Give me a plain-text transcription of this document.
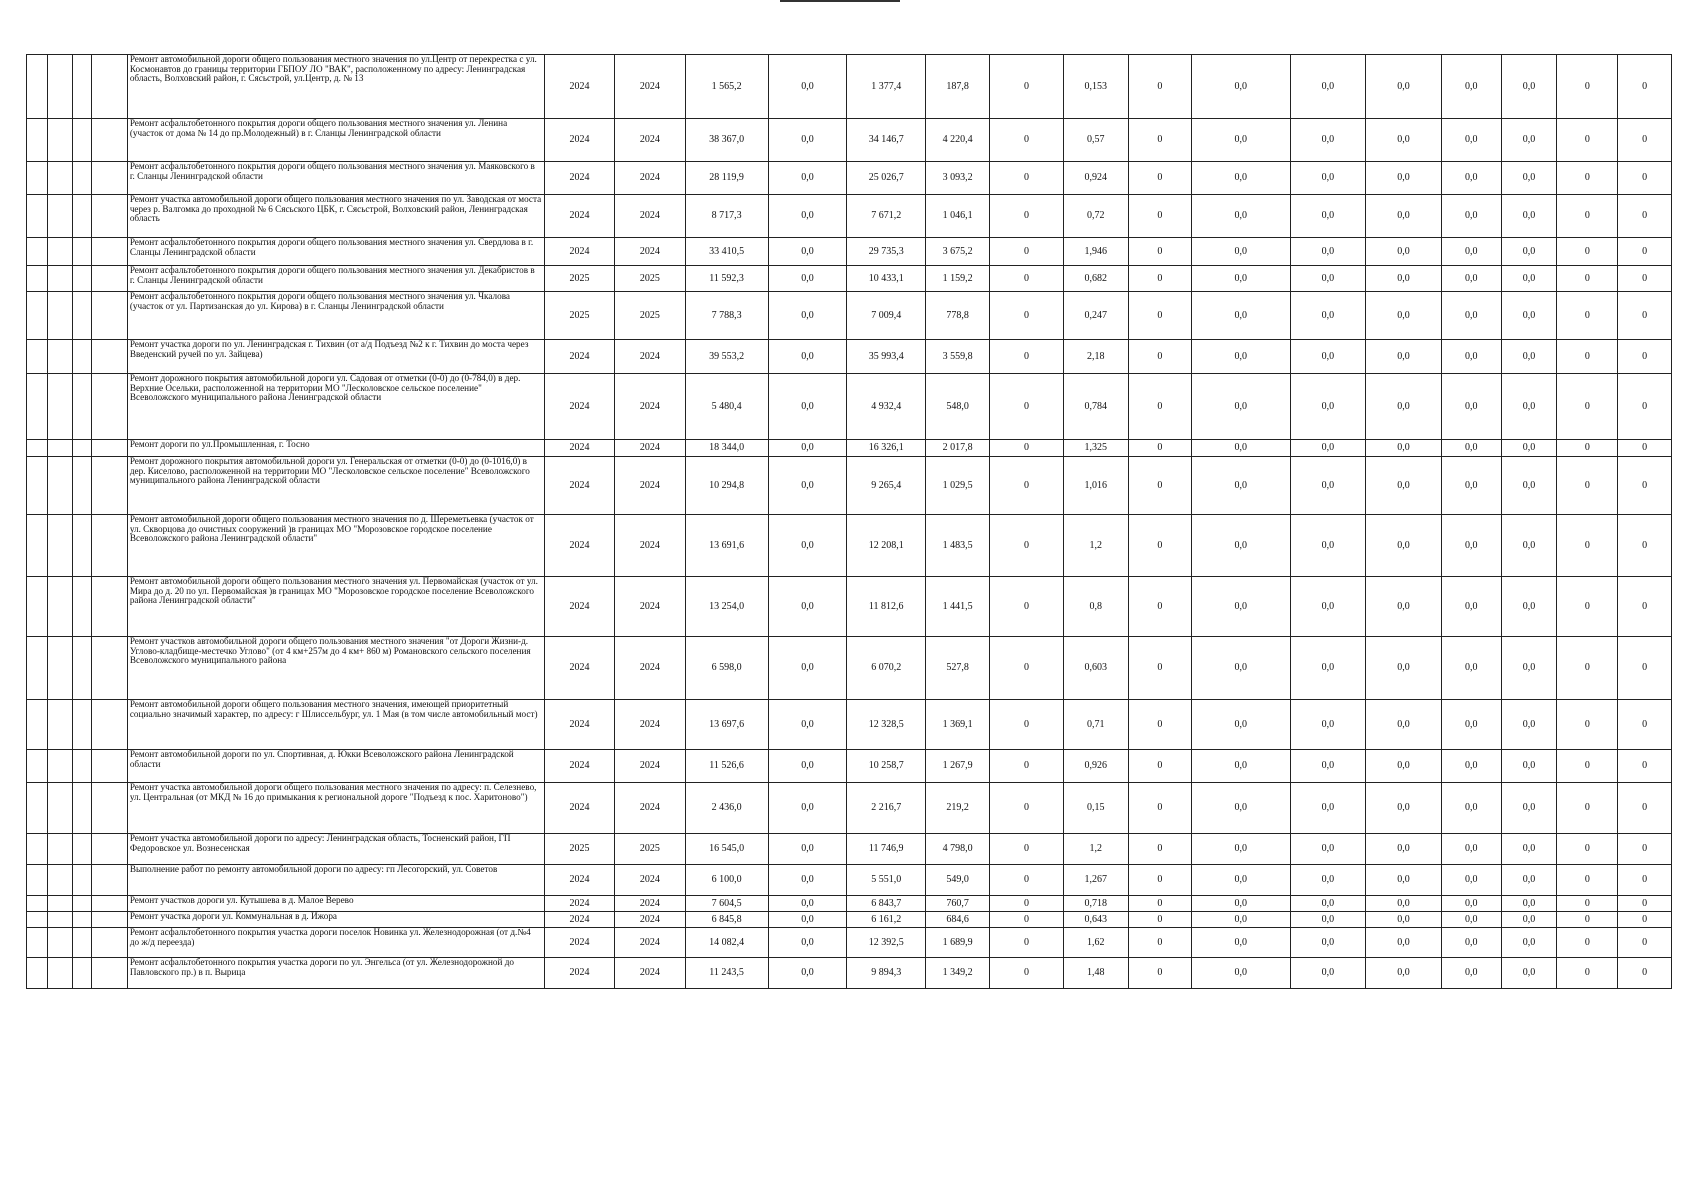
				Ремонт автомобильной дороги общего пользования местного значения по ул.Центр от перекрестка с ул. Космонавтов до границы территории ГБПОУ ЛО "ВАК", расположенному по адресу: Ленинградская область, Волховский район, г. Сясьстрой, ул.Центр, д. № 13	2024	2024	1 565,2	0,0	1 377,4	187,8	0	0,153	0	0,0	0,0	0,0	0,0	0,0	0	0
				Ремонт асфальтобетонного покрытия дороги общего пользования местного значения ул. Ленина (участок от дома № 14 до пр.Молодежный) в г. Сланцы Ленинградской области	2024	2024	38 367,0	0,0	34 146,7	4 220,4	0	0,57	0	0,0	0,0	0,0	0,0	0,0	0	0
				Ремонт асфальтобетонного покрытия дороги общего пользования местного значения ул. Маяковского в г. Сланцы Ленинградской области	2024	2024	28 119,9	0,0	25 026,7	3 093,2	0	0,924	0	0,0	0,0	0,0	0,0	0,0	0	0
				Ремонт участка автомобильной дороги общего пользования местного значения по ул. Заводская от моста через р. Валгомка до проходной № 6 Сясьского ЦБК, г. Сясьстрой, Волховский район, Ленинградская область	2024	2024	8 717,3	0,0	7 671,2	1 046,1	0	0,72	0	0,0	0,0	0,0	0,0	0,0	0	0
				Ремонт асфальтобетонного покрытия дороги общего пользования местного значения ул. Свердлова в г. Сланцы Ленинградской области	2024	2024	33 410,5	0,0	29 735,3	3 675,2	0	1,946	0	0,0	0,0	0,0	0,0	0,0	0	0
				Ремонт асфальтобетонного покрытия дороги общего пользования местного значения ул. Декабристов в г. Сланцы Ленинградской области	2025	2025	11 592,3	0,0	10 433,1	1 159,2	0	0,682	0	0,0	0,0	0,0	0,0	0,0	0	0
				Ремонт асфальтобетонного покрытия дороги общего пользования местного значения ул. Чкалова (участок от ул. Партизанская до ул. Кирова) в г. Сланцы Ленинградской области	2025	2025	7 788,3	0,0	7 009,4	778,8	0	0,247	0	0,0	0,0	0,0	0,0	0,0	0	0
				Ремонт участка дороги по ул. Ленинградская г. Тихвин (от а/д Подъезд №2 к г. Тихвин до моста через Введенский ручей по ул. Зайцева)	2024	2024	39 553,2	0,0	35 993,4	3 559,8	0	2,18	0	0,0	0,0	0,0	0,0	0,0	0	0
				Ремонт дорожного покрытия автомобильной дороги ул. Садовая от отметки (0-0) до (0-784,0) в дер. Верхние Осельки, расположенной на территории МО "Лесколовское сельское поселение" Всеволожского муниципального района Ленинградской области	2024	2024	5 480,4	0,0	4 932,4	548,0	0	0,784	0	0,0	0,0	0,0	0,0	0,0	0	0
				Ремонт дороги по ул.Промышленная, г. Тосно	2024	2024	18 344,0	0,0	16 326,1	2 017,8	0	1,325	0	0,0	0,0	0,0	0,0	0,0	0	0
				Ремонт дорожного покрытия автомобильной дороги ул. Генеральская от отметки (0-0) до (0-1016,0) в дер. Киселово, расположенной на территории МО "Лесколовское сельское поселение" Всеволожского муниципального района Ленинградской области	2024	2024	10 294,8	0,0	9 265,4	1 029,5	0	1,016	0	0,0	0,0	0,0	0,0	0,0	0	0
				Ремонт автомобильной дороги общего пользования местного значения по д. Шереметьевка (участок от ул. Скворцова до очистных сооружений )в границах МО "Морозовское городское поселение Всеволожского района Ленинградской области"	2024	2024	13 691,6	0,0	12 208,1	1 483,5	0	1,2	0	0,0	0,0	0,0	0,0	0,0	0	0
				Ремонт автомобильной дороги общего пользования местного значения ул. Первомайская (участок от ул. Мира до д. 20 по ул. Первомайская )в границах МО "Морозовское городское поселение Всеволожского района Ленинградской области"	2024	2024	13 254,0	0,0	11 812,6	1 441,5	0	0,8	0	0,0	0,0	0,0	0,0	0,0	0	0
				Ремонт участков автомобильной дороги общего пользования местного значения "от Дороги Жизни-д. Углово-кладбище-местечко Углово" (от 4 км+257м до 4 км+ 860 м) Романовского сельского поселения Всеволожского муниципального района	2024	2024	6 598,0	0,0	6 070,2	527,8	0	0,603	0	0,0	0,0	0,0	0,0	0,0	0	0
				Ремонт автомобильной дороги общего пользования местного значения, имеющей приоритетный социально значимый характер, по адресу: г Шлиссельбург, ул. 1 Мая (в том числе автомобильный мост)	2024	2024	13 697,6	0,0	12 328,5	1 369,1	0	0,71	0	0,0	0,0	0,0	0,0	0,0	0	0
				Ремонт автомобильной дороги по ул. Спортивная, д. Юкки Всеволожского района Ленинградской области	2024	2024	11 526,6	0,0	10 258,7	1 267,9	0	0,926	0	0,0	0,0	0,0	0,0	0,0	0	0
				Ремонт участка автомобильной дороги общего пользования местного значения по адресу: п. Селезнево, ул. Центральная (от МКД № 16 до примыкания к региональной дороге "Подъезд к пос. Харитоново")	2024	2024	2 436,0	0,0	2 216,7	219,2	0	0,15	0	0,0	0,0	0,0	0,0	0,0	0	0
				Ремонт участка автомобильной дороги по адресу: Ленинградская область, Тосненский район, ГП Федоровское ул. Вознесенская	2025	2025	16 545,0	0,0	11 746,9	4 798,0	0	1,2	0	0,0	0,0	0,0	0,0	0,0	0	0
				Выполнение работ по ремонту автомобильной дороги по адресу: гп Лесогорский, ул. Советов	2024	2024	6 100,0	0,0	5 551,0	549,0	0	1,267	0	0,0	0,0	0,0	0,0	0,0	0	0
				Ремонт участков дороги ул. Кутышева в д. Малое Верево	2024	2024	7 604,5	0,0	6 843,7	760,7	0	0,718	0	0,0	0,0	0,0	0,0	0,0	0	0
				Ремонт участка дороги ул. Коммунальная в д. Ижора	2024	2024	6 845,8	0,0	6 161,2	684,6	0	0,643	0	0,0	0,0	0,0	0,0	0,0	0	0
				Ремонт асфальтобетонного покрытия участка дороги поселок Новинка ул. Железнодорожная (от д.№4 до ж/д переезда)	2024	2024	14 082,4	0,0	12 392,5	1 689,9	0	1,62	0	0,0	0,0	0,0	0,0	0,0	0	0
				Ремонт асфальтобетонного покрытия участка дороги по ул. Энгельса (от ул. Железнодорожной до Павловского пр.) в п. Вырица	2024	2024	11 243,5	0,0	9 894,3	1 349,2	0	1,48	0	0,0	0,0	0,0	0,0	0,0	0	0
